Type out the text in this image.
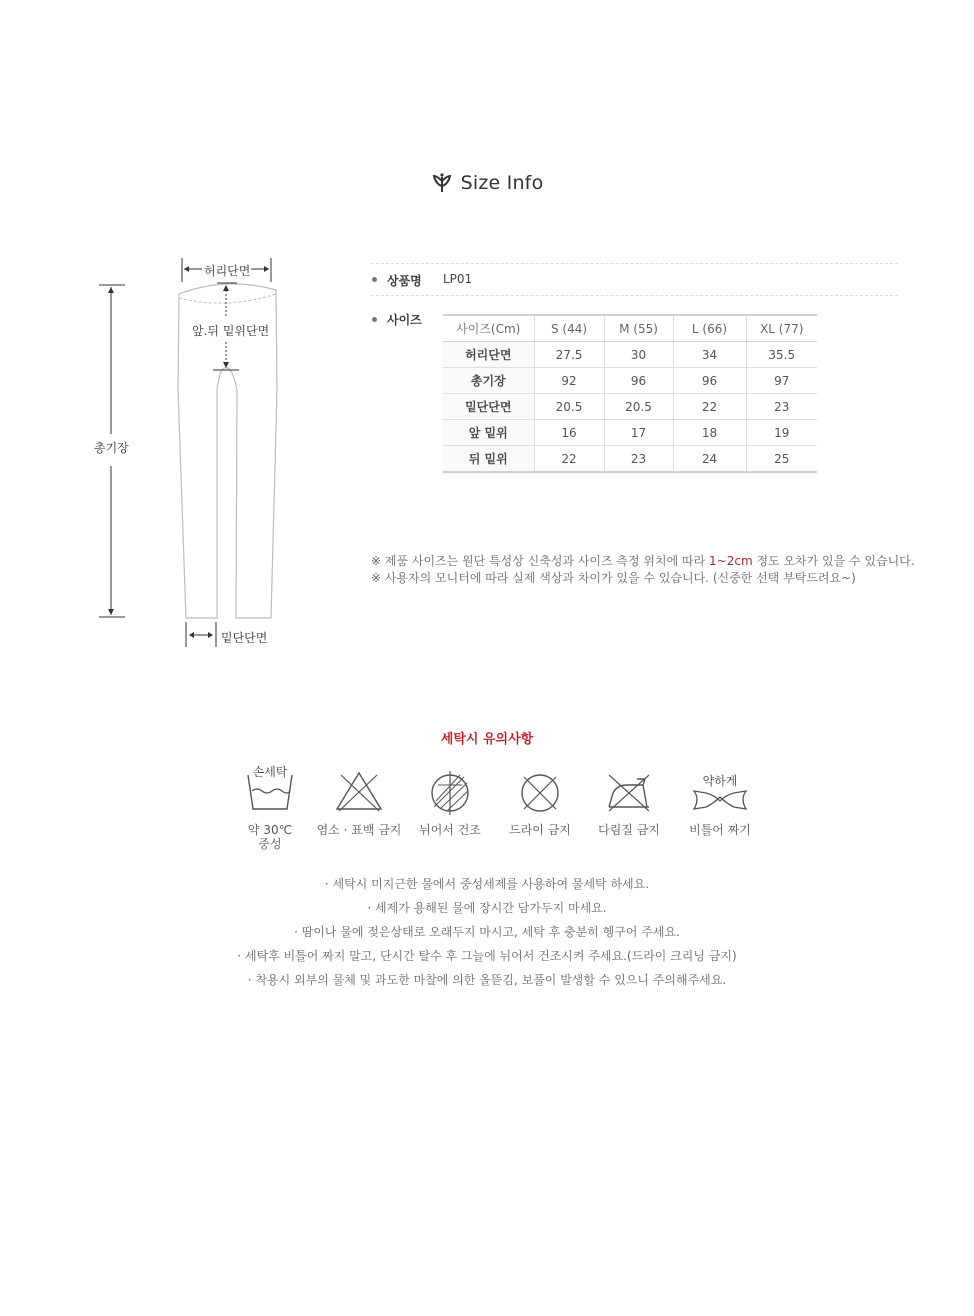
Size Info
허리단면
앞.뒤 밑위단면
총기장
밑단단면
상품명 LP01
사이즈
사이즈(Cm)	S (44)	M (55)	L (66)	XL (77)
허리단면	27.5	30	34	35.5
총기장	92	96	96	97
밑단단면	20.5	20.5	22	23
앞 밑위	16	17	18	19
뒤 밑위	22	23	24	25
※ 제품 사이즈는 원단 특성상 신축성과 사이즈 측정 위치에 따라 1~2cm 정도 오차가 있을 수 있습니다.
※ 사용자의 모니터에 따라 실제 색상과 차이가 있을 수 있습니다. (신중한 선택 부탁드려요~)
세탁시 유의사항
손세탁
약 30℃
중성
염소 · 표백 금지	뉘어서 건조	드라이 금지	다림질 금지
약하게
비틀어 짜기
· 세탁시 미지근한 물에서 중성세제를 사용하여 물세탁 하세요.
· 세제가 용해된 물에 장시간 담가두지 마세요.
· 땀이나 물에 젖은상태로 오래두지 마시고, 세탁 후 충분히 헹구어 주세요.
· 세탁후 비틀어 짜지 말고, 단시간 탈수 후 그늘에 뉘어서 건조시켜 주세요.(드라이 크리닝 금지)
· 착용시 외부의 물체 및 과도한 마찰에 의한 올뜯김, 보풀이 발생할 수 있으니 주의해주세요.
